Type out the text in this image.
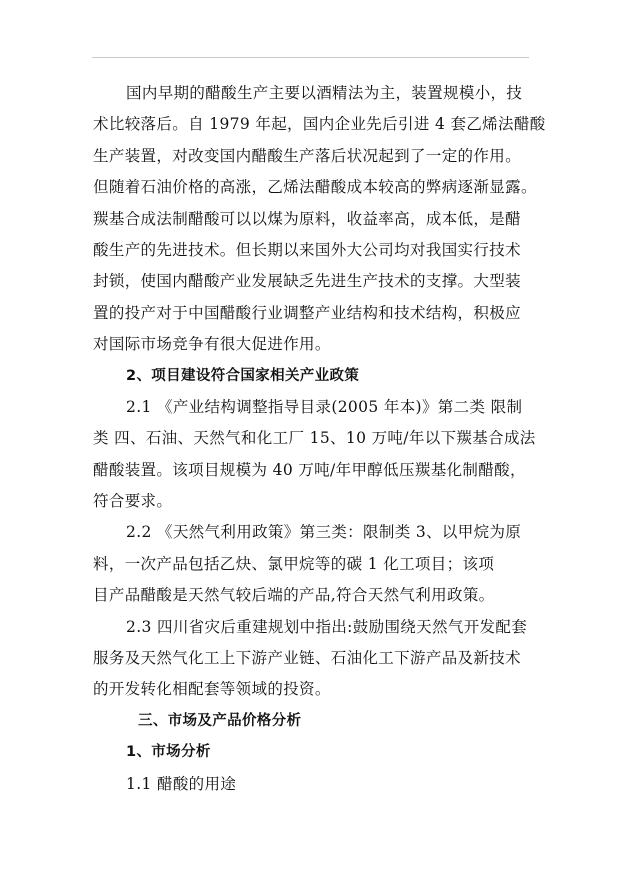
国内早期的醋酸生产主要以酒精法为主，装置规模小，技
术比较落后。自 1979 年起，国内企业先后引进 4 套乙烯法醋酸
生产装置，对改变国内醋酸生产落后状况起到了一定的作用。
但随着石油价格的高涨，乙烯法醋酸成本较高的弊病逐渐显露。
羰基合成法制醋酸可以以煤为原料，收益率高，成本低，是醋
酸生产的先进技术。但长期以来国外大公司均对我国实行技术
封锁，使国内醋酸产业发展缺乏先进生产技术的支撑。大型装
置的投产对于中国醋酸行业调整产业结构和技术结构，积极应
对国际市场竞争有很大促进作用。
2、项目建设符合国家相关产业政策
2.1 《产业结构调整指导目录(2005 年本)》第二类 限制
类 四、石油、天然气和化工厂 15、10 万吨/年以下羰基合成法
醋酸装置。该项目规模为 40 万吨/年甲醇低压羰基化制醋酸，
符合要求。
2.2 《天然气利用政策》第三类：限制类 3、以甲烷为原
料，一次产品包括乙炔、氯甲烷等的碳 1 化工项目；该项
目产品醋酸是天然气较后端的产品,符合天然气利用政策。
2.3 四川省灾后重建规划中指出:鼓励围绕天然气开发配套
服务及天然气化工上下游产业链、石油化工下游产品及新技术
的开发转化相配套等领域的投资。
三、市场及产品价格分析
1、市场分析
1.1 醋酸的用途
